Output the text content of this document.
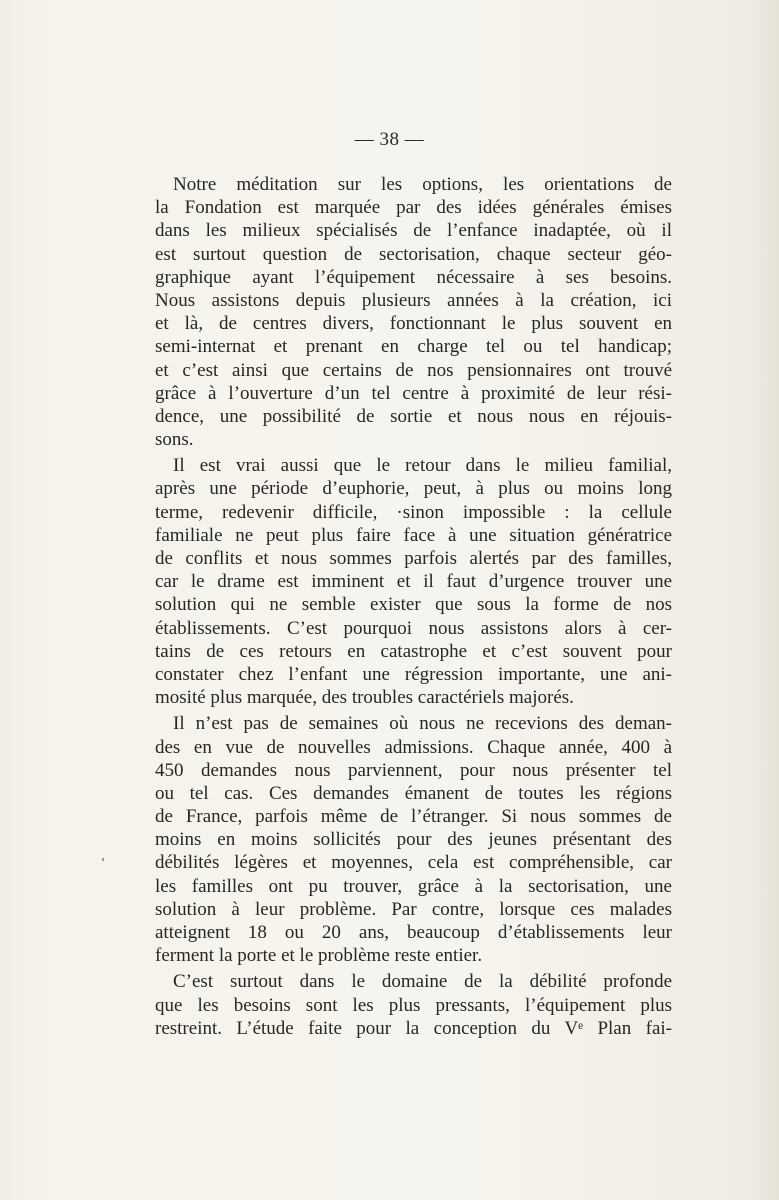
— 38 —
Notre méditation sur les options, les orientations de
la Fondation est marquée par des idées générales émises
dans les milieux spécialisés de l’enfance inadaptée, où il
est surtout question de sectorisation, chaque secteur géo-
graphique ayant l’équipement nécessaire à ses besoins.
Nous assistons depuis plusieurs années à la création, ici
et là, de centres divers, fonctionnant le plus souvent en
semi-internat et prenant en charge tel ou tel handicap;
et c’est ainsi que certains de nos pensionnaires ont trouvé
grâce à l’ouverture d’un tel centre à proximité de leur rési-
dence, une possibilité de sortie et nous nous en réjouis-
sons.
Il est vrai aussi que le retour dans le milieu familial,
après une période d’euphorie, peut, à plus ou moins long
terme, redevenir difficile, ·sinon impossible : la cellule
familiale ne peut plus faire face à une situation génératrice
de conflits et nous sommes parfois alertés par des familles,
car le drame est imminent et il faut d’urgence trouver une
solution qui ne semble exister que sous la forme de nos
établissements. C’est pourquoi nous assistons alors à cer-
tains de ces retours en catastrophe et c’est souvent pour
constater chez l’enfant une régression importante, une ani-
mosité plus marquée, des troubles caractériels majorés.
Il n’est pas de semaines où nous ne recevions des deman-
des en vue de nouvelles admissions. Chaque année, 400 à
450 demandes nous parviennent, pour nous présenter tel
ou tel cas. Ces demandes émanent de toutes les régions
de France, parfois même de l’étranger. Si nous sommes de
moins en moins sollicités pour des jeunes présentant des
débilités légères et moyennes, cela est compréhensible, car
les familles ont pu trouver, grâce à la sectorisation, une
solution à leur problème. Par contre, lorsque ces malades
atteignent 18 ou 20 ans, beaucoup d’établissements leur
ferment la porte et le problème reste entier.
C’est surtout dans le domaine de la débilité profonde
que les besoins sont les plus pressants, l’équipement plus
restreint. L’étude faite pour la conception du Vᵉ Plan fai-
